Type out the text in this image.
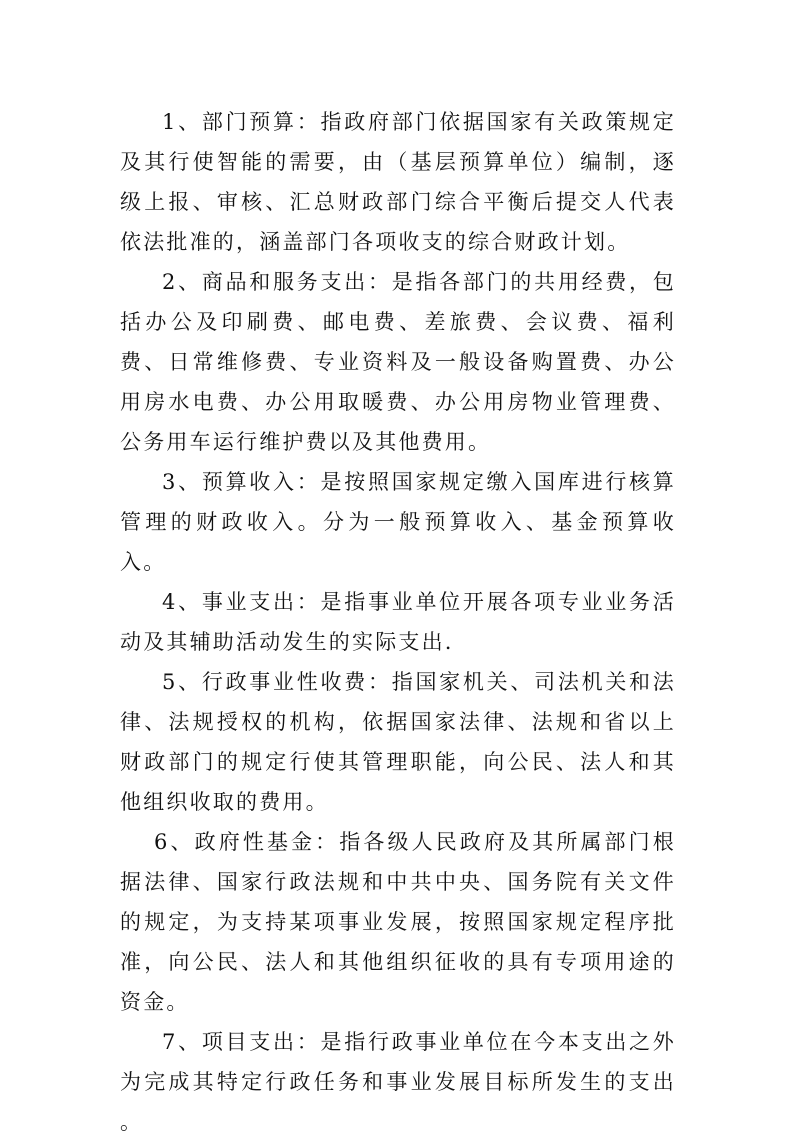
1、部门预算：指政府部门依据国家有关政策规定及其行使智能的需要，由（基层预算单位）编制，逐级上报、审核、汇总财政部门综合平衡后提交人代表依法批准的，涵盖部门各项收支的综合财政计划。

2、商品和服务支出：是指各部门的共用经费，包括办公及印刷费、邮电费、差旅费、会议费、福利费、日常维修费、专业资料及一般设备购置费、办公用房水电费、办公用取暖费、办公用房物业管理费、公务用车运行维护费以及其他费用。

3、预算收入：是按照国家规定缴入国库进行核算管理的财政收入。分为一般预算收入、基金预算收入。

4、事业支出：是指事业单位开展各项专业业务活动及其辅助活动发生的实际支出.

5、行政事业性收费：指国家机关、司法机关和法律、法规授权的机构，依据国家法律、法规和省以上财政部门的规定行使其管理职能，向公民、法人和其他组织收取的费用。

6、政府性基金：指各级人民政府及其所属部门根据法律、国家行政法规和中共中央、国务院有关文件的规定，为支持某项事业发展，按照国家规定程序批准，向公民、法人和其他组织征收的具有专项用途的资金。

7、项目支出：是指行政事业单位在今本支出之外为完成其特定行政任务和事业发展目标所发生的支出 。
